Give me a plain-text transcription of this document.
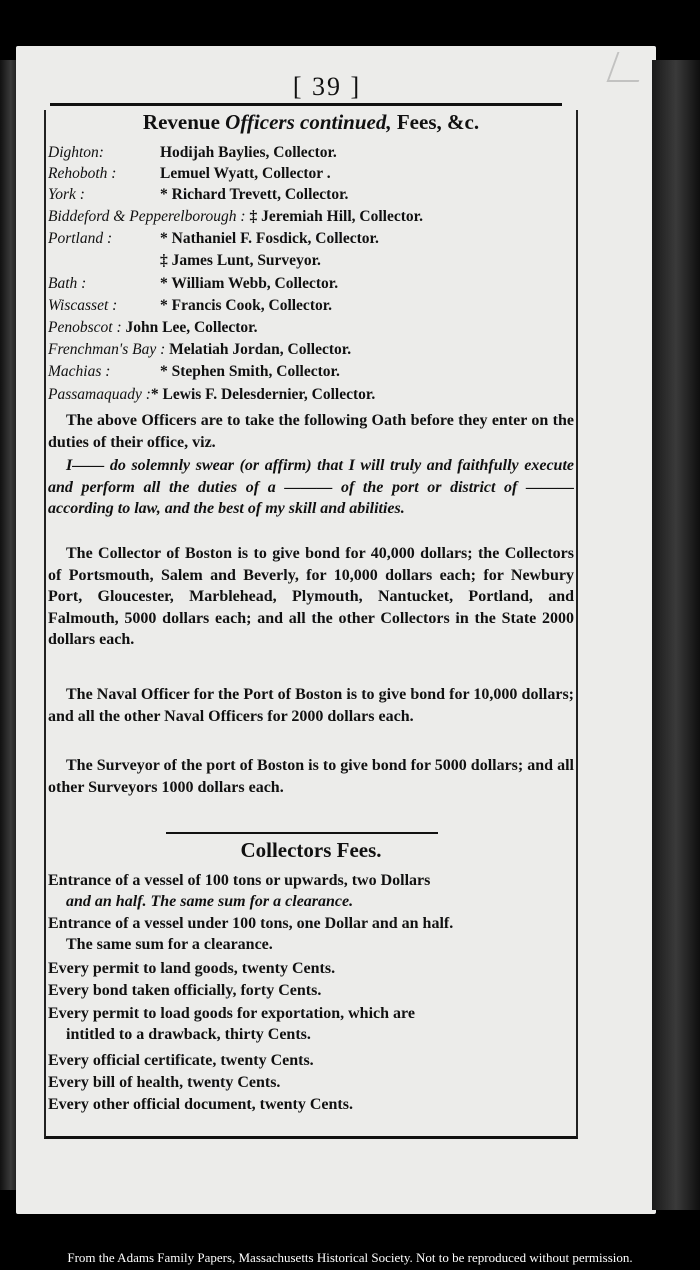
[ 39 ]
Revenue Officers continued, Fees, &c.
Dighton:	Hodijah Baylies, Collector.
Rehoboth :	Lemuel Wyatt, Collector .
York :	* Richard Trevett, Collector.
Biddeford & Pepperelborough : ‡ Jeremiah Hill, Collector.
Portland :	* Nathaniel F. Fosdick, Collector.
‡ James Lunt, Surveyor.
Bath :	* William Webb, Collector.
Wiscasset :	* Francis Cook, Collector.
Penobscot : John Lee, Collector.
Frenchman's Bay : Melatiah Jordan, Collector.
Machias :	* Stephen Smith, Collector.
Passamaquady :* Lewis F. Delesdernier, Collector.
The above Officers are to take the following Oath before they enter on the duties of their office, viz.
I—— do solemnly swear (or affirm) that I will truly and faithfully execute and perform all the duties of a ——— of the port or district of ——— according to law, and the best of my skill and abilities.
The Collector of Boston is to give bond for 40,000 dollars; the Collectors of Portsmouth, Salem and Beverly, for 10,000 dollars each; for Newbury Port, Gloucester, Marblehead, Plymouth, Nantucket, Portland, and Falmouth, 5000 dollars each; and all the other Collectors in the State 2000 dollars each.
The Naval Officer for the Port of Boston is to give bond for 10,000 dollars; and all the other Naval Officers for 2000 dollars each.
The Surveyor of the port of Boston is to give bond for 5000 dollars; and all other Surveyors 1000 dollars each.
Collectors Fees.
Entrance of a vessel of 100 tons or upwards, two Dollars
and an half. The same sum for a clearance.
Entrance of a vessel under 100 tons, one Dollar and an half.
The same sum for a clearance.
Every permit to land goods, twenty Cents.
Every bond taken officially, forty Cents.
Every permit to load goods for exportation, which are
intitled to a drawback, thirty Cents.
Every official certificate, twenty Cents.
Every bill of health, twenty Cents.
Every other official document, twenty Cents.
From the Adams Family Papers, Massachusetts Historical Society. Not to be reproduced without permission.
